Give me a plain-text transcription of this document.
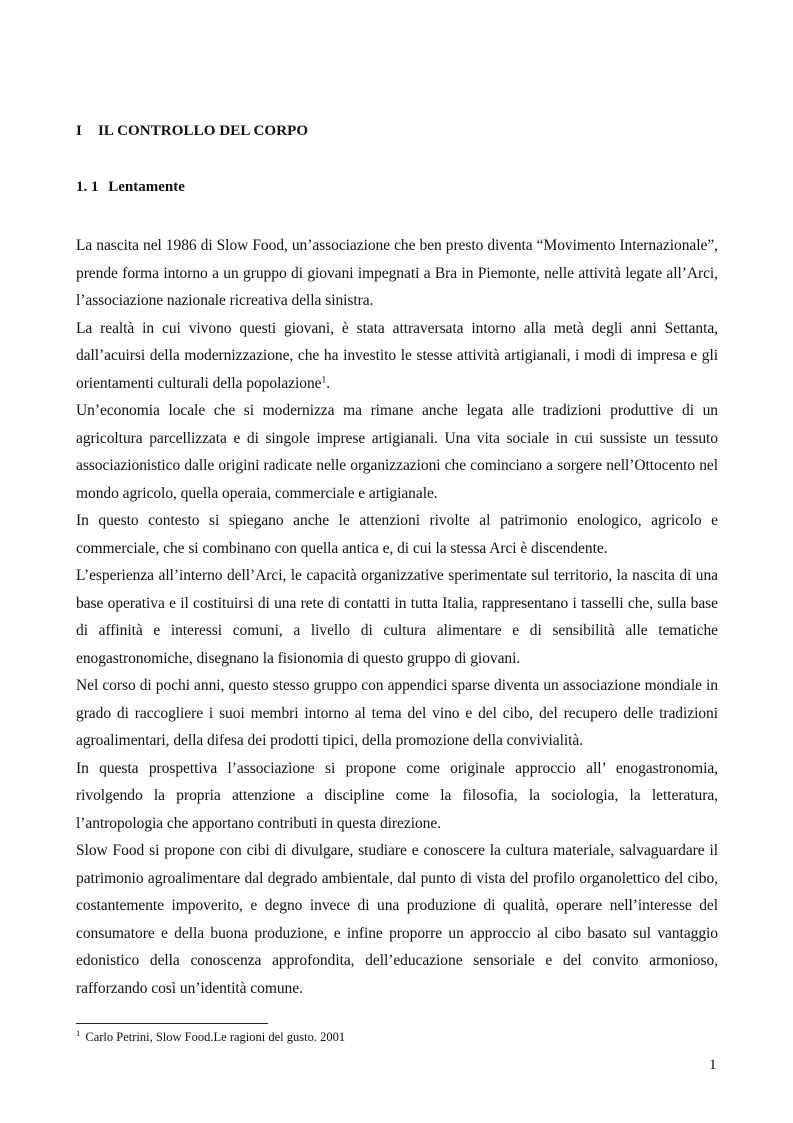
I IL CONTROLLO DEL CORPO
1. 1 Lentamente

La nascita nel 1986 di Slow Food, un’associazione che ben presto diventa “Movimento Internazionale”, prende forma intorno a un gruppo di giovani impegnati a Bra in Piemonte, nelle attività legate all’Arci, l’associazione nazionale ricreativa della sinistra.

La realtà in cui vivono questi giovani, è stata attraversata intorno alla metà degli anni Settanta, dall’acuirsi della modernizzazione, che ha investito le stesse attività artigianali, i modi di impresa e gli orientamenti culturali della popolazione$^1$.

Un’economia locale che si modernizza ma rimane anche legata alle tradizioni produttive di un agricoltura parcellizzata e di singole imprese artigianali. Una vita sociale in cui sussiste un tessuto associazionistico dalle origini radicate nelle organizzazioni che cominciano a sorgere nell’Ottocento nel mondo agricolo, quella operaia, commerciale e artigianale.

In questo contesto si spiegano anche le attenzioni rivolte al patrimonio enologico, agricolo e commerciale, che si combinano con quella antica e, di cui la stessa Arci è discendente.

L’esperienza all’interno dell’Arci, le capacità organizzative sperimentate sul territorio, la nascita di una base operativa e il costituirsi di una rete di contatti in tutta Italia, rappresentano i tasselli che, sulla base di affinità e interessi comuni, a livello di cultura alimentare e di sensibilità alle tematiche enogastronomiche, disegnano la fisionomia di questo gruppo di giovani.

Nel corso di pochi anni, questo stesso gruppo con appendici sparse diventa un associazione mondiale in grado di raccogliere i suoi membri intorno al tema del vino e del cibo, del recupero delle tradizioni agroalimentari, della difesa dei prodotti tipici, della promozione della convivialità.

In questa prospettiva l’associazione si propone come originale approccio all’ enogastronomia, rivolgendo la propria attenzione a discipline come la filosofia, la sociologia, la letteratura, l’antropologia che apportano contributi in questa direzione.

Slow Food si propone con cibi di divulgare, studiare e conoscere la cultura materiale, salvaguardare il patrimonio agroalimentare dal degrado ambientale, dal punto di vista del profilo organolettico del cibo, costantemente impoverito, e degno invece di una produzione di qualità, operare nell’interesse del consumatore e della buona produzione, e infine proporre un approccio al cibo basato sul vantaggio edonistico della conoscenza approfondita, dell’educazione sensoriale e del convito armonioso, rafforzando così un’identità comune.

$^1$ Carlo Petrini, Slow Food.Le ragioni del gusto. 2001

1
